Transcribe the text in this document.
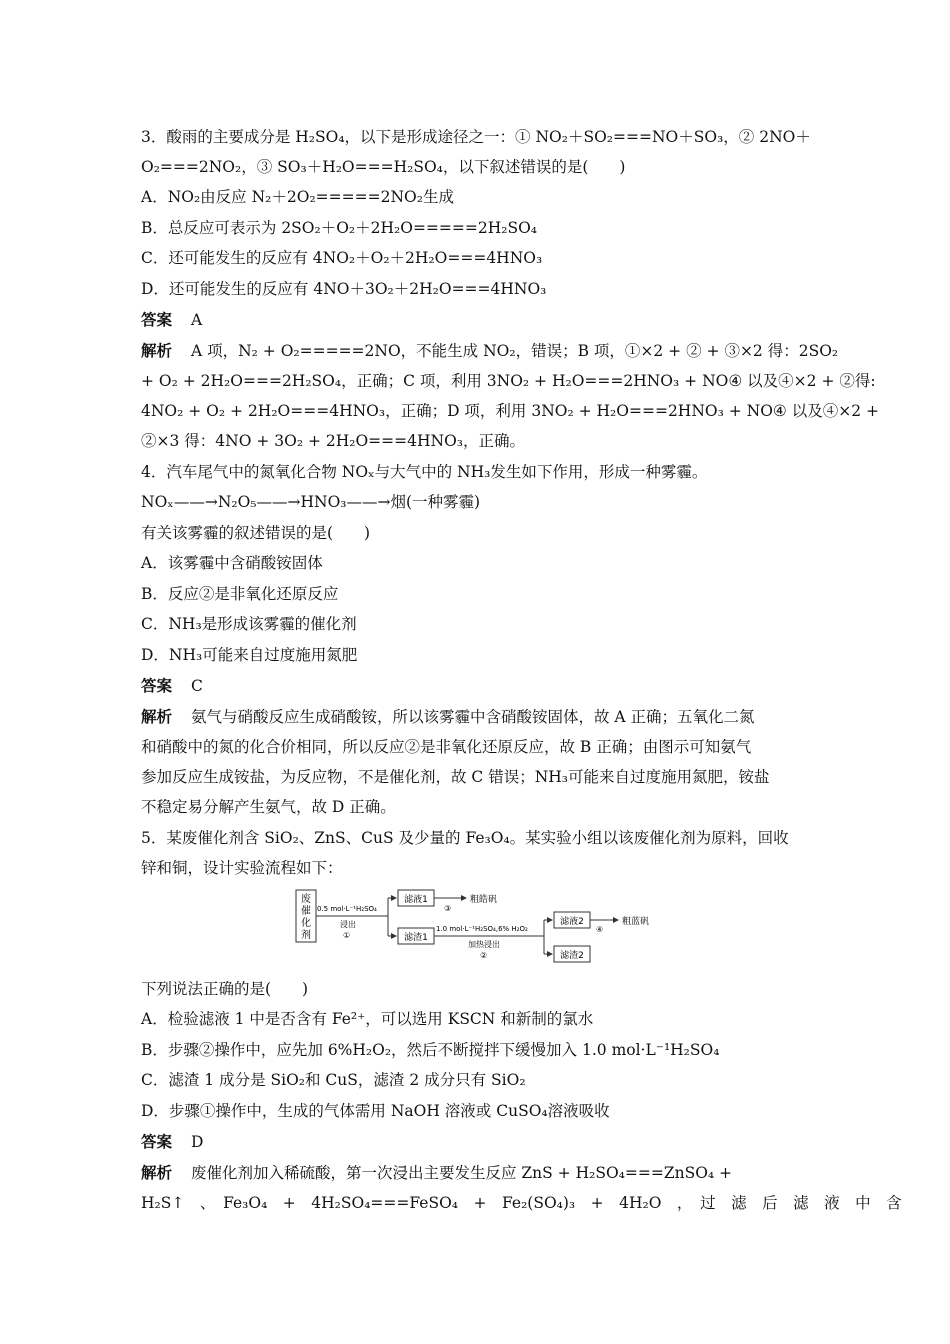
3．酸雨的主要成分是 H₂SO₄，以下是形成途径之一：① NO₂＋SO₂===NO＋SO₃，② 2NO＋
O₂===2NO₂，③ SO₃＋H₂O===H₂SO₄，以下叙述错误的是(　　)
A．NO₂由反应 N₂＋2O₂=====2NO₂生成
B．总反应可表示为 2SO₂＋O₂＋2H₂O=====2H₂SO₄
C．还可能发生的反应有 4NO₂＋O₂＋2H₂O===4HNO₃
D．还可能发生的反应有 4NO＋3O₂＋2H₂O===4HNO₃
答案 A
解析 A 项，N₂ + O₂=====2NO，不能生成 NO₂，错误；B 项，①×2 + ② + ③×2 得：2SO₂
+ O₂ + 2H₂O===2H₂SO₄，正确；C 项，利用 3NO₂ + H₂O===2HNO₃ + NO④ 以及④×2 + ②得:
4NO₂ + O₂ + 2H₂O===4HNO₃，正确；D 项，利用 3NO₂ + H₂O===2HNO₃ + NO④ 以及④×2 +
②×3 得：4NO + 3O₂ + 2H₂O===4HNO₃，正确。
4．汽车尾气中的氮氧化合物 NOₓ与大气中的 NH₃发生如下作用，形成一种雾霾。
NOₓ——→N₂O₅——→HNO₃——→烟(一种雾霾)
有关该雾霾的叙述错误的是(　　)
A．该雾霾中含硝酸铵固体
B．反应②是非氧化还原反应
C．NH₃是形成该雾霾的催化剂
D．NH₃可能来自过度施用氮肥
答案 C
解析 氨气与硝酸反应生成硝酸铵，所以该雾霾中含硝酸铵固体，故 A 正确；五氧化二氮
和硝酸中的氮的化合价相同，所以反应②是非氧化还原反应，故 B 正确；由图示可知氨气
参加反应生成铵盐，为反应物，不是催化剂，故 C 错误；NH₃可能来自过度施用氮肥，铵盐
不稳定易分解产生氨气，故 D 正确。
5．某废催化剂含 SiO₂、ZnS、CuS 及少量的 Fe₃O₄。某实验小组以该废催化剂为原料，回收
锌和铜，设计实验流程如下：
废
催
化
剂
0.5 mol·L⁻¹H₂SO₄
浸出
①
滤液1
③
粗皓矾
滤渣1
1.0 mol·L⁻¹H₂SO₄,6% H₂O₂
加热浸出
②
滤液2
④
粗蓝矾
滤渣2
下列说法正确的是(　　)
A．检验滤液 1 中是否含有 Fe²⁺，可以选用 KSCN 和新制的氯水
B．步骤②操作中，应先加 6%H₂O₂，然后不断搅拌下缓慢加入 1.0 mol·L⁻¹H₂SO₄
C．滤渣 1 成分是 SiO₂和 CuS，滤渣 2 成分只有 SiO₂
D．步骤①操作中，生成的气体需用 NaOH 溶液或 CuSO₄溶液吸收
答案 D
解析 废催化剂加入稀硫酸，第一次浸出主要发生反应 ZnS + H₂SO₄===ZnSO₄ +
H₂S↑　、　Fe₃O₄　+　4H₂SO₄===FeSO₄　+　Fe₂(SO₄)₃　+　4H₂O　，　过　滤　后　滤　液　中　含
